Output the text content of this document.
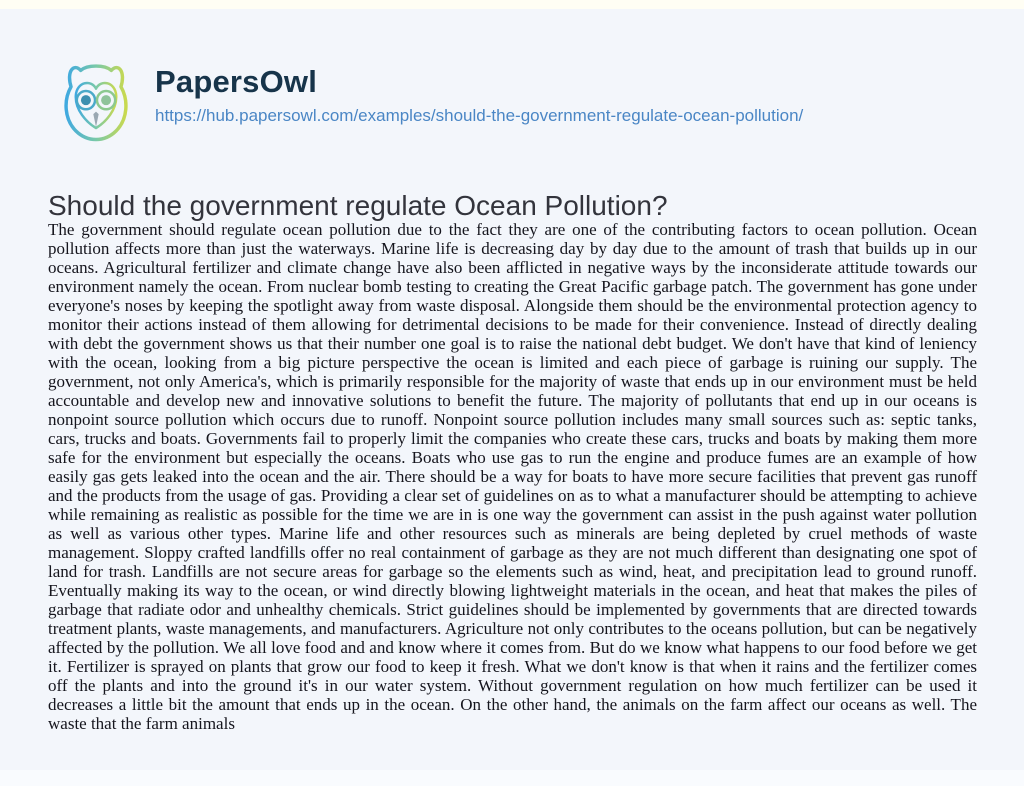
PapersOwl
https://hub.papersowl.com/examples/should-the-government-regulate-ocean-pollution/
Should the government regulate Ocean Pollution?
The government should regulate ocean pollution due to the fact they are one of the contributing factors to ocean pollution. Ocean pollution affects more than just the waterways. Marine life is decreasing day by day due to the amount of trash that builds up in our oceans. Agricultural fertilizer and climate change have also been afflicted in negative ways by the inconsiderate attitude towards our environment namely the ocean. From nuclear bomb testing to creating the Great Pacific garbage patch. The government has gone under everyone's noses by keeping the spotlight away from waste disposal. Alongside them should be the environmental protection agency to monitor their actions instead of them allowing for detrimental decisions to be made for their convenience. Instead of directly dealing with debt the government shows us that their number one goal is to raise the national debt budget. We don't have that kind of leniency with the ocean, looking from a big picture perspective the ocean is limited and each piece of garbage is ruining our supply. The government, not only America's, which is primarily responsible for the majority of waste that ends up in our environment must be held accountable and develop new and innovative solutions to benefit the future. The majority of pollutants that end up in our oceans is nonpoint source pollution which occurs due to runoff. Nonpoint source pollution includes many small sources such as: septic tanks, cars, trucks and boats. Governments fail to properly limit the companies who create these cars, trucks and boats by making them more safe for the environment but especially the oceans. Boats who use gas to run the engine and produce fumes are an example of how easily gas gets leaked into the ocean and the air. There should be a way for boats to have more secure facilities that prevent gas runoff and the products from the usage of gas. Providing a clear set of guidelines on as to what a manufacturer should be attempting to achieve while remaining as realistic as possible for the time we are in is one way the government can assist in the push against water pollution as well as various other types. Marine life and other resources such as minerals are being depleted by cruel methods of waste management. Sloppy crafted landfills offer no real containment of garbage as they are not much different than designating one spot of land for trash. Landfills are not secure areas for garbage so the elements such as wind, heat, and precipitation lead to ground runoff. Eventually making its way to the ocean, or wind directly blowing lightweight materials in the ocean, and heat that makes the piles of garbage that radiate odor and unhealthy chemicals. Strict guidelines should be implemented by governments that are directed towards treatment plants, waste managements, and manufacturers. Agriculture not only contributes to the oceans pollution, but can be negatively affected by the pollution. We all love food and and know where it comes from. But do we know what happens to our food before we get it. Fertilizer is sprayed on plants that grow our food to keep it fresh. What we don't know is that when it rains and the fertilizer comes off the plants and into the ground it's in our water system. Without government regulation on how much fertilizer can be used it decreases a little bit the amount that ends up in the ocean. On the other hand, the animals on the farm affect our oceans as well. The waste that the farm animals
